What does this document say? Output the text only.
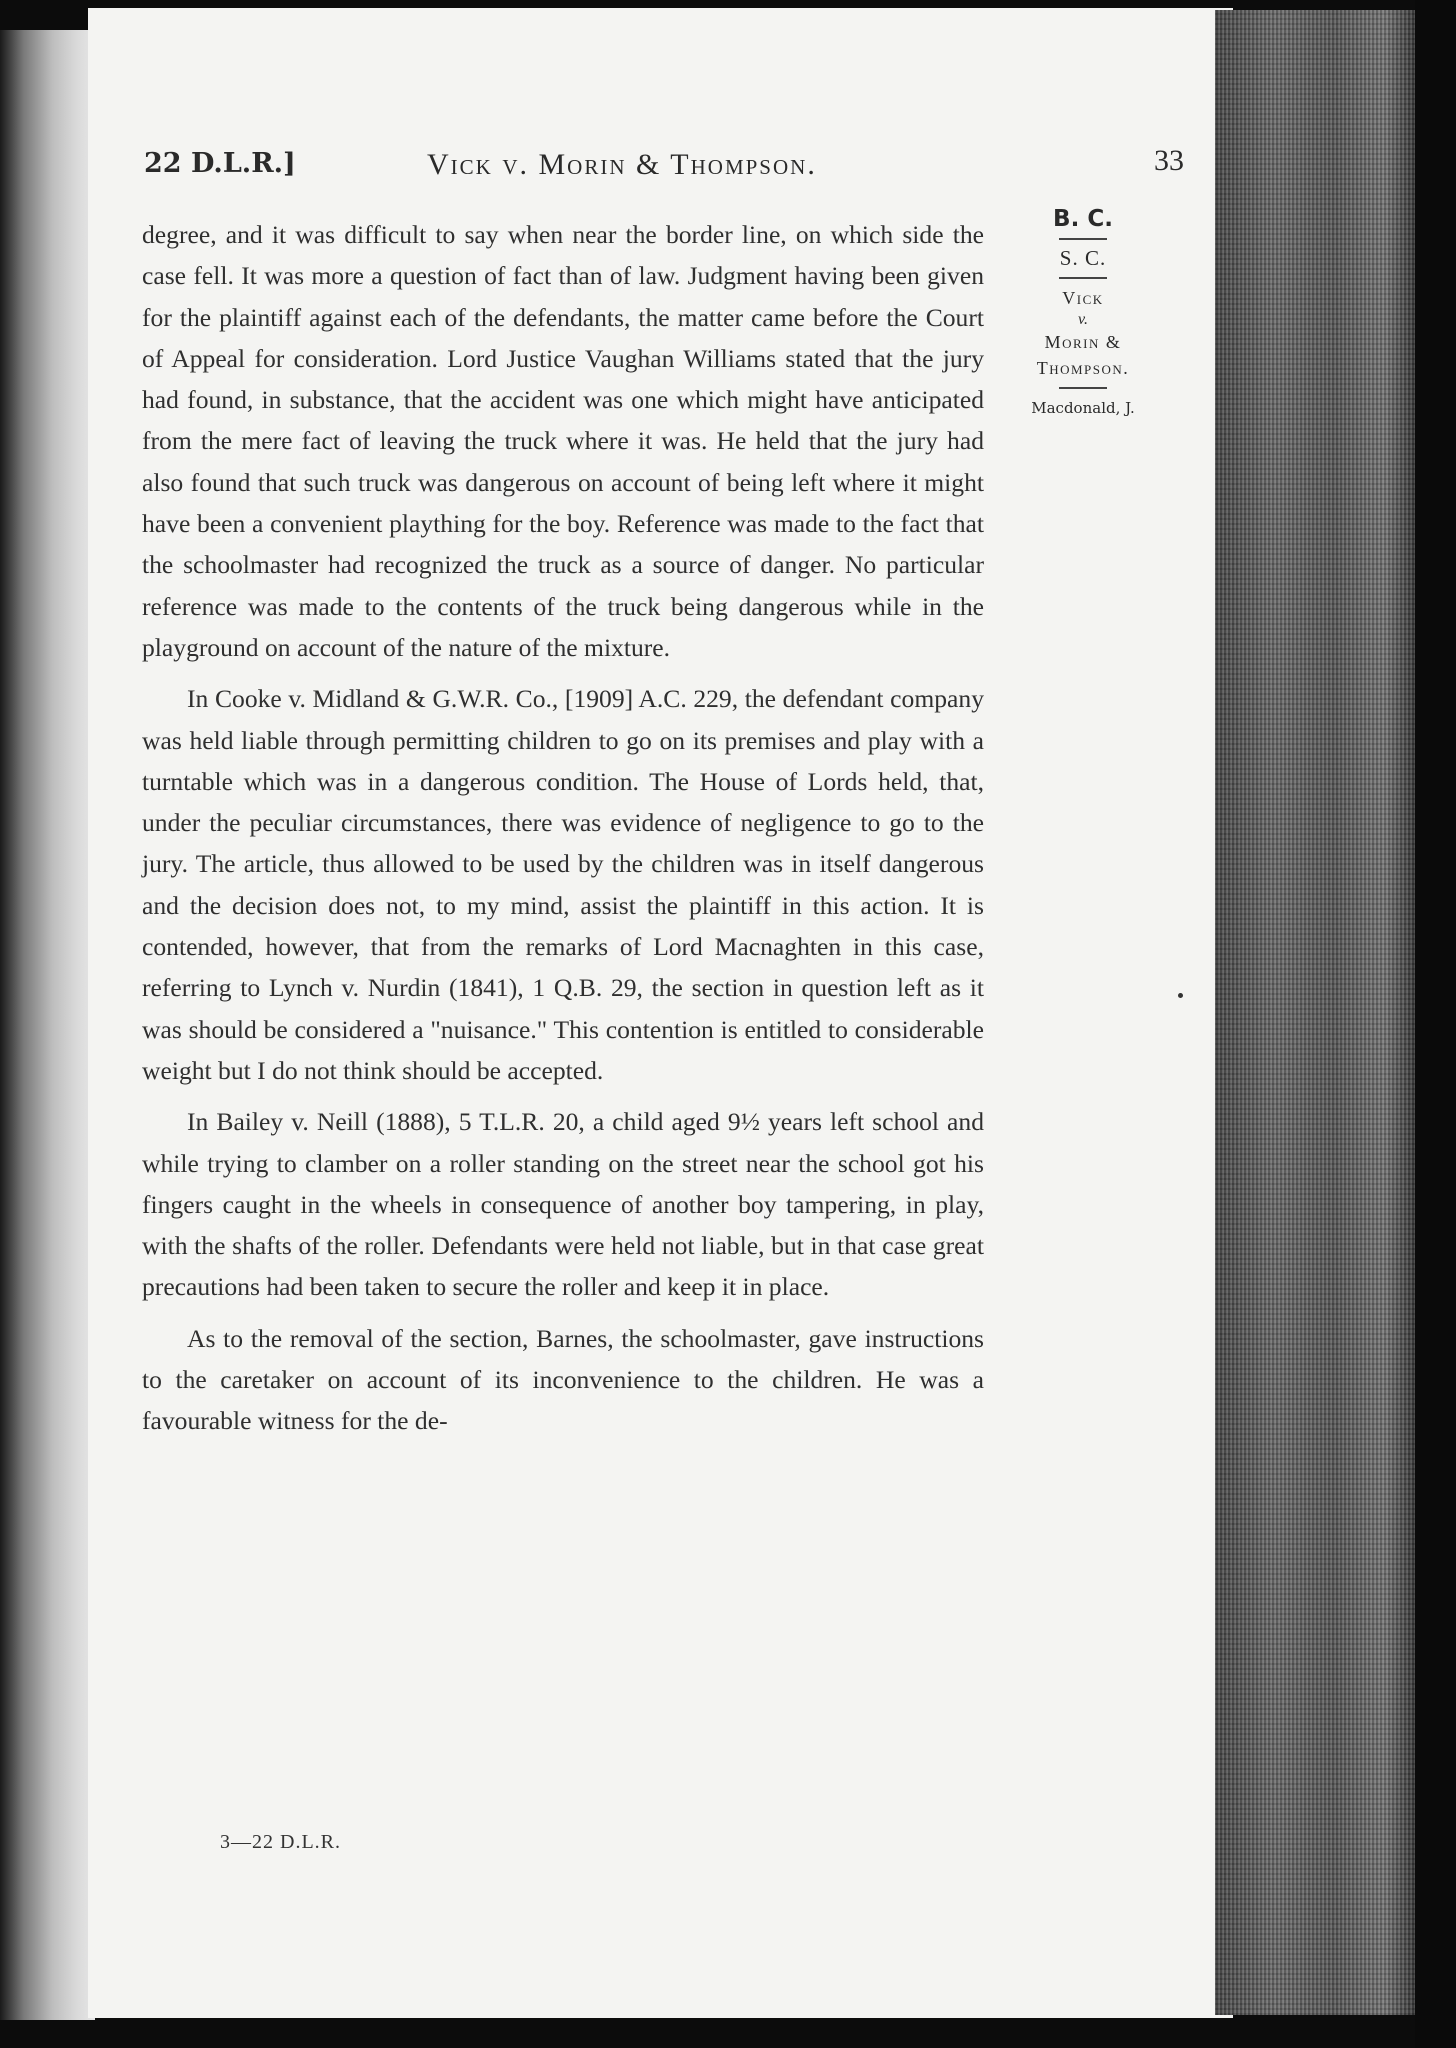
22 D.L.R.]	Vick v. Morin & Thompson.	33

degree, and it was difficult to say when near the border line, on which side the case fell. It was more a question of fact than of law. Judgment having been given for the plaintiff against each of the defendants, the matter came before the Court of Appeal for consideration. Lord Justice Vaughan Williams stated that the jury had found, in substance, that the accident was one which might have anticipated from the mere fact of leaving the truck where it was. He held that the jury had also found that such truck was dangerous on account of being left where it might have been a convenient plaything for the boy. Reference was made to the fact that the schoolmaster had recognized the truck as a source of danger. No particular reference was made to the contents of the truck being dangerous while in the playground on account of the nature of the mixture.

In Cooke v. Midland & G.W.R. Co., [1909] A.C. 229, the defendant company was held liable through permitting children to go on its premises and play with a turntable which was in a dangerous condition. The House of Lords held, that, under the peculiar circumstances, there was evidence of negligence to go to the jury. The article, thus allowed to be used by the children was in itself dangerous and the decision does not, to my mind, assist the plaintiff in this action. It is contended, however, that from the remarks of Lord Macnaghten in this case, referring to Lynch v. Nurdin (1841), 1 Q.B. 29, the section in question left as it was should be considered a "nuisance." This contention is entitled to considerable weight but I do not think should be accepted.

In Bailey v. Neill (1888), 5 T.L.R. 20, a child aged 9½ years left school and while trying to clamber on a roller standing on the street near the school got his fingers caught in the wheels in consequence of another boy tampering, in play, with the shafts of the roller. Defendants were held not liable, but in that case great precautions had been taken to secure the roller and keep it in place.

As to the removal of the section, Barnes, the schoolmaster, gave instructions to the caretaker on account of its inconvenience to the children. He was a favourable witness for the de-

B. C.
S. C.
Vick
v.
Morin &
Thompson.
Macdonald, J.
3—22 D.L.R.
